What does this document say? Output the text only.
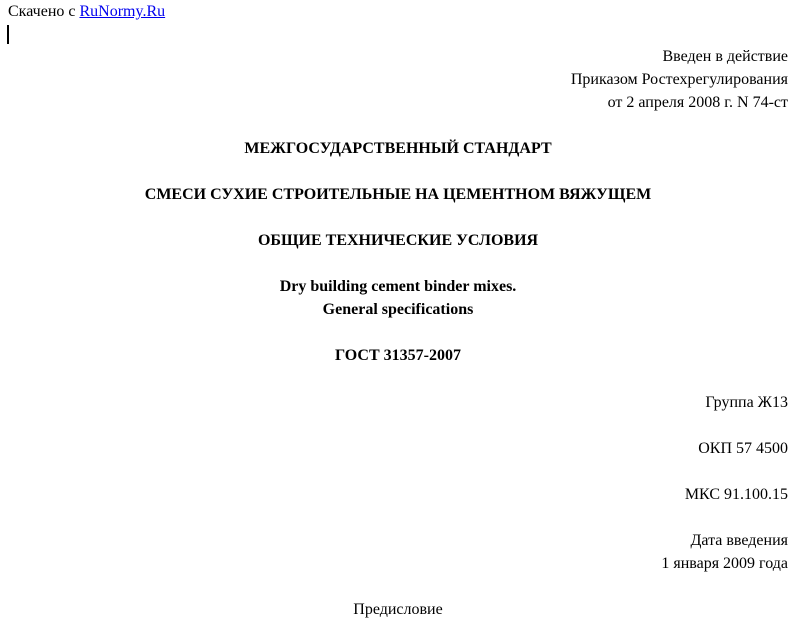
Скачено с RuNormy.Ru
Введен в действие
Приказом Ростехрегулирования
от 2 апреля 2008 г. N 74-ст
МЕЖГОСУДАРСТВЕННЫЙ СТАНДАРТ
СМЕСИ СУХИЕ СТРОИТЕЛЬНЫЕ НА ЦЕМЕНТНОМ ВЯЖУЩЕМ
ОБЩИЕ ТЕХНИЧЕСКИЕ УСЛОВИЯ
Dry building cement binder mixes.
General specifications
ГОСТ 31357-2007
Группа Ж13
ОКП 57 4500
МКС 91.100.15
Дата введения
1 января 2009 года
Предисловие
